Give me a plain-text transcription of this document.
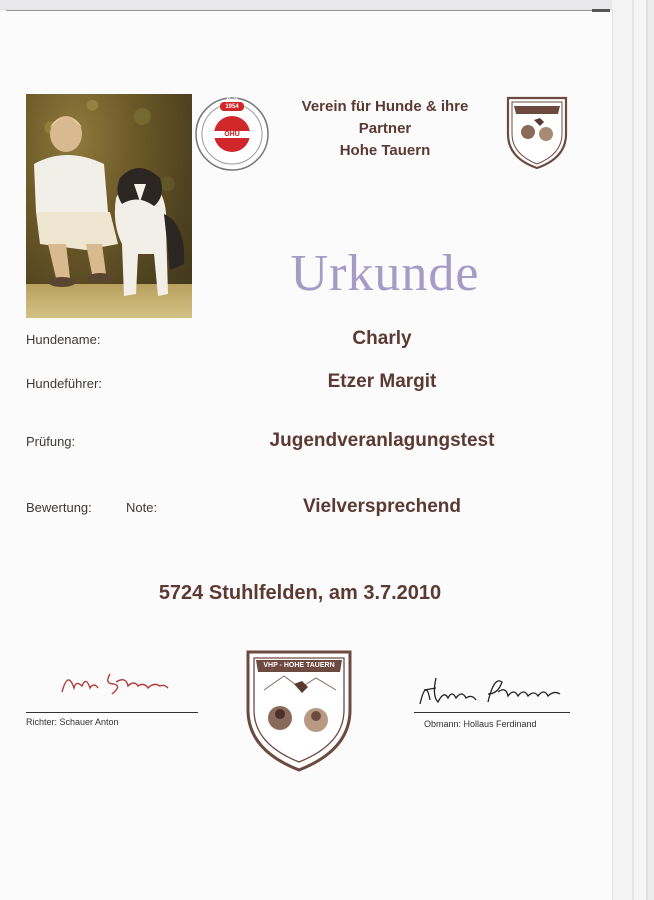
Seit 1954
ÖHU
Verein für Hunde & ihre
Partner
Hohe Tauern
Urkunde
Hundename:	Charly
Hundeführer:	Etzer Margit
Prüfung:	Jugendveranlagungstest
Bewertung:	Note:	Vielversprechend
5724 Stuhlfelden, am 3.7.2010
Richter: Schauer Anton	Obmann: Hollaus Ferdinand
VHP - HOHE TAUERN
